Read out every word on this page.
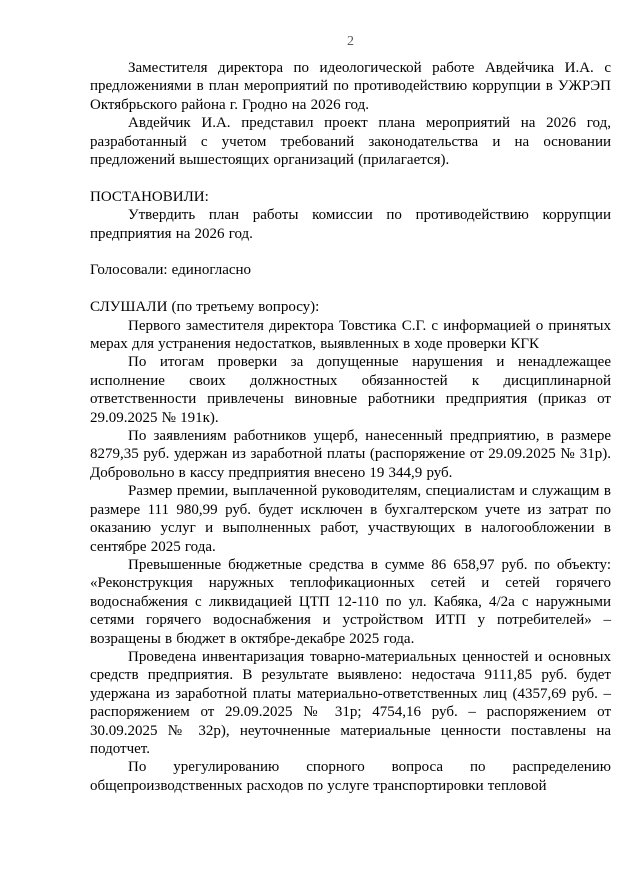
2

Заместителя директора по идеологической работе Авдейчика И.А. с предложениями в план мероприятий по противодействию коррупции в УЖРЭП Октябрьского района г. Гродно на 2026 год.

Авдейчик И.А. представил проект плана мероприятий на 2026 год, разработанный с учетом требований законодательства и на основании предложений вышестоящих организаций (прилагается).

ПОСТАНОВИЛИ:

Утвердить план работы комиссии по противодействию коррупции предприятия на 2026 год.

Голосовали: единогласно

СЛУШАЛИ (по третьему вопросу):

Первого заместителя директора Товстика С.Г. с информацией о принятых мерах для устранения недостатков, выявленных в ходе проверки КГК

По итогам проверки за допущенные нарушения и ненадлежащее исполнение своих должностных обязанностей к дисциплинарной ответственности привлечены виновные работники предприятия (приказ от 29.09.2025 № 191к).

По заявлениям работников ущерб, нанесенный предприятию, в размере 8279,35 руб. удержан из заработной платы (распоряжение от 29.09.2025 № 31р). Добровольно в кассу предприятия внесено 19 344,9 руб.

Размер премии, выплаченной руководителям, специалистам и служащим в размере 111 980,99 руб. будет исключен в бухгалтерском учете из затрат по оказанию услуг и выполненных работ, участвующих в налогообложении в сентябре 2025 года.

Превышенные бюджетные средства в сумме 86 658,97 руб. по объекту: «Реконструкция наружных теплофикационных сетей и сетей горячего водоснабжения с ликвидацией ЦТП 12-110 по ул. Кабяка, 4/2а с наружными сетями горячего водоснабжения и устройством ИТП у потребителей» –возращены в бюджет в октябре-декабре 2025 года.

Проведена инвентаризация товарно-материальных ценностей и основных средств предприятия. В результате выявлено: недостача 9111,85 руб. будет удержана из заработной платы материально-ответственных лиц (4357,69 руб. – распоряжением от 29.09.2025 № 31р; 4754,16 руб. – распоряжением от 30.09.2025 № 32р), неуточненные материальные ценности поставлены на подотчет.

По урегулированию спорного вопроса по распределению общепроизводственных расходов по услуге транспортировки тепловой
